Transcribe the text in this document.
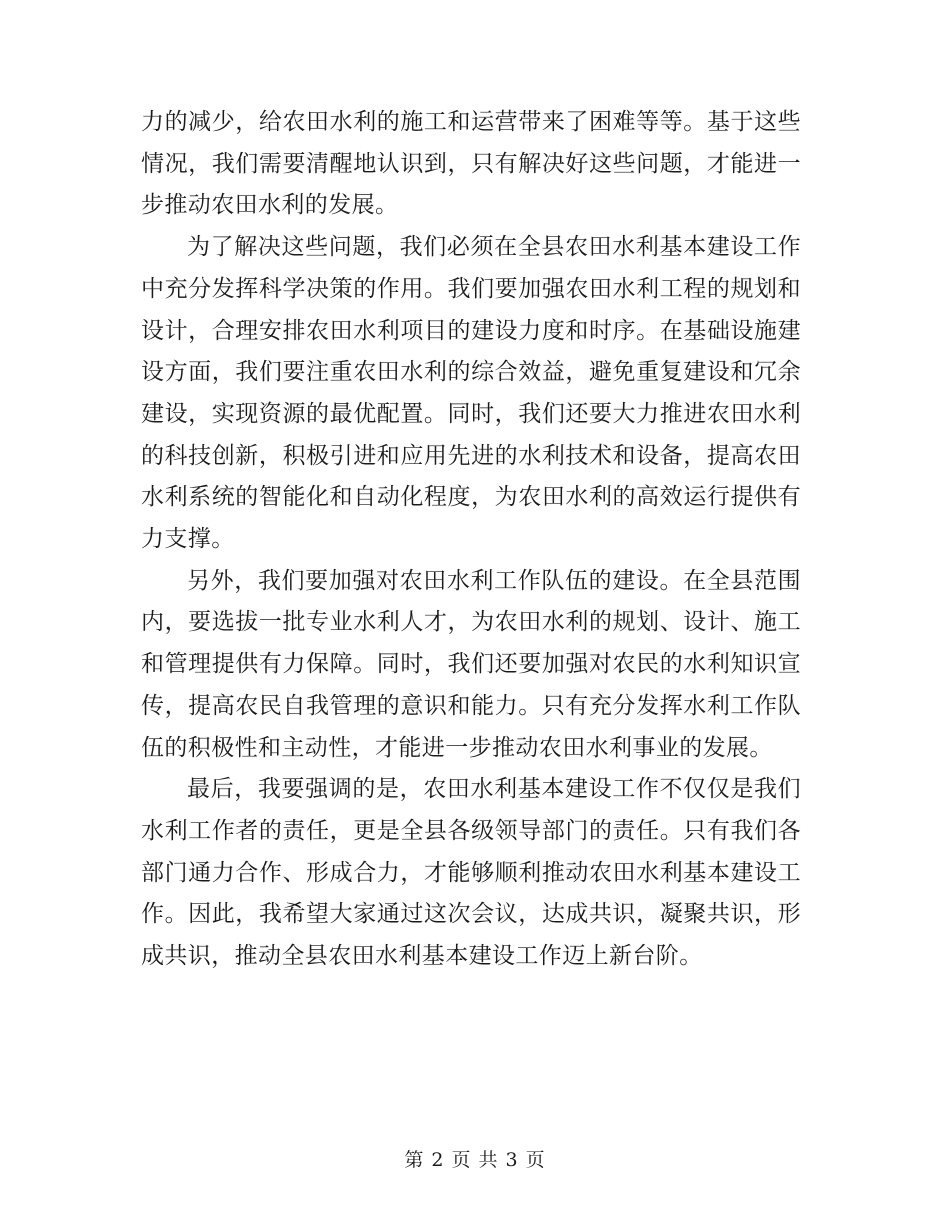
力的减少，给农田水利的施工和运营带来了困难等等。基于这些情况，我们需要清醒地认识到，只有解决好这些问题，才能进一步推动农田水利的发展。

为了解决这些问题，我们必须在全县农田水利基本建设工作中充分发挥科学决策的作用。我们要加强农田水利工程的规划和设计，合理安排农田水利项目的建设力度和时序。在基础设施建设方面，我们要注重农田水利的综合效益，避免重复建设和冗余建设，实现资源的最优配置。同时，我们还要大力推进农田水利的科技创新，积极引进和应用先进的水利技术和设备，提高农田水利系统的智能化和自动化程度，为农田水利的高效运行提供有力支撑。

另外，我们要加强对农田水利工作队伍的建设。在全县范围内，要选拔一批专业水利人才，为农田水利的规划、设计、施工和管理提供有力保障。同时，我们还要加强对农民的水利知识宣传，提高农民自我管理的意识和能力。只有充分发挥水利工作队伍的积极性和主动性，才能进一步推动农田水利事业的发展。

最后，我要强调的是，农田水利基本建设工作不仅仅是我们水利工作者的责任，更是全县各级领导部门的责任。只有我们各部门通力合作、形成合力，才能够顺利推动农田水利基本建设工作。因此，我希望大家通过这次会议，达成共识，凝聚共识，形成共识，推动全县农田水利基本建设工作迈上新台阶。

第 2 页 共 3 页
